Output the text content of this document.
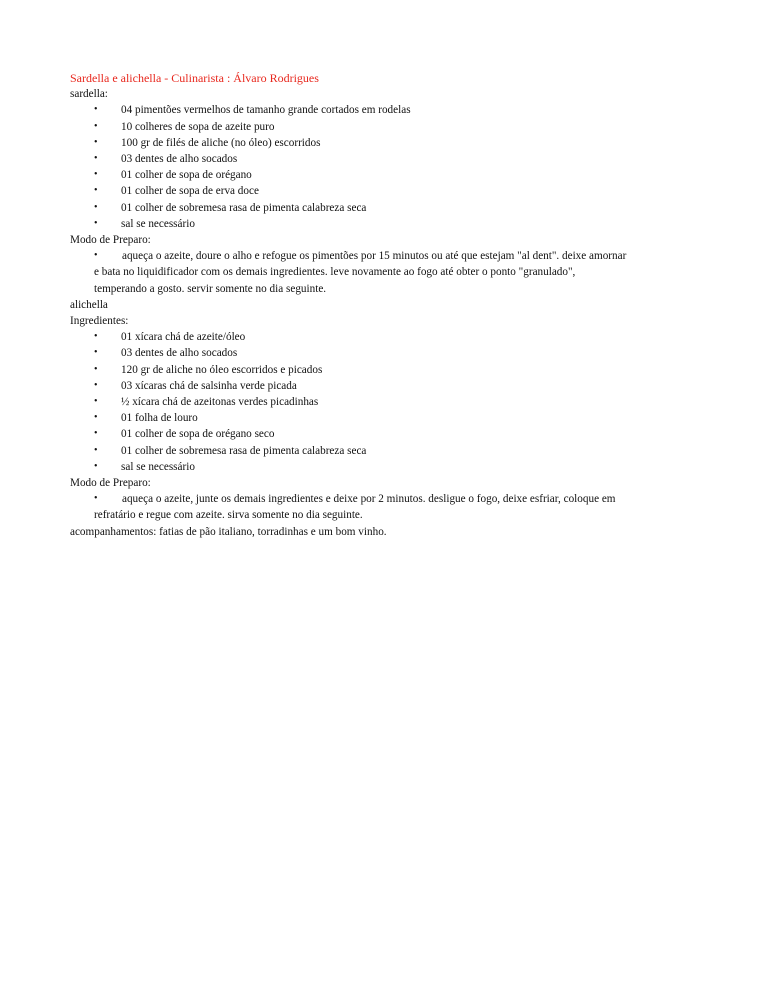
Sardella e alichella - Culinarista : Álvaro Rodrigues
sardella:
• 04 pimentões vermelhos de tamanho grande cortados em rodelas
• 10 colheres de sopa de azeite puro
• 100 gr de filés de aliche (no óleo) escorridos
• 03 dentes de alho socados
• 01 colher de sopa de orégano
• 01 colher de sopa de erva doce
• 01 colher de sobremesa rasa de pimenta calabreza seca
• sal se necessário
Modo de Preparo:
•	aqueça o azeite, doure o alho e refogue os pimentões por 15 minutos ou até que estejam "al dent". deixe amornar
e bata no liquidificador com os demais ingredientes. leve novamente ao fogo até obter o ponto "granulado",
temperando a gosto. servir somente no dia seguinte.
alichella
Ingredientes:
• 01 xícara chá de azeite/óleo
• 03 dentes de alho socados
• 120 gr de aliche no óleo escorridos e picados
• 03 xícaras chá de salsinha verde picada
• ½ xícara chá de azeitonas verdes picadinhas
• 01 folha de louro
• 01 colher de sopa de orégano seco
• 01 colher de sobremesa rasa de pimenta calabreza seca
• sal se necessário
Modo de Preparo:
•	aqueça o azeite, junte os demais ingredientes e deixe por 2 minutos. desligue o fogo, deixe esfriar, coloque em
refratário e regue com azeite. sirva somente no dia seguinte.
acompanhamentos: fatias de pão italiano, torradinhas e um bom vinho.
